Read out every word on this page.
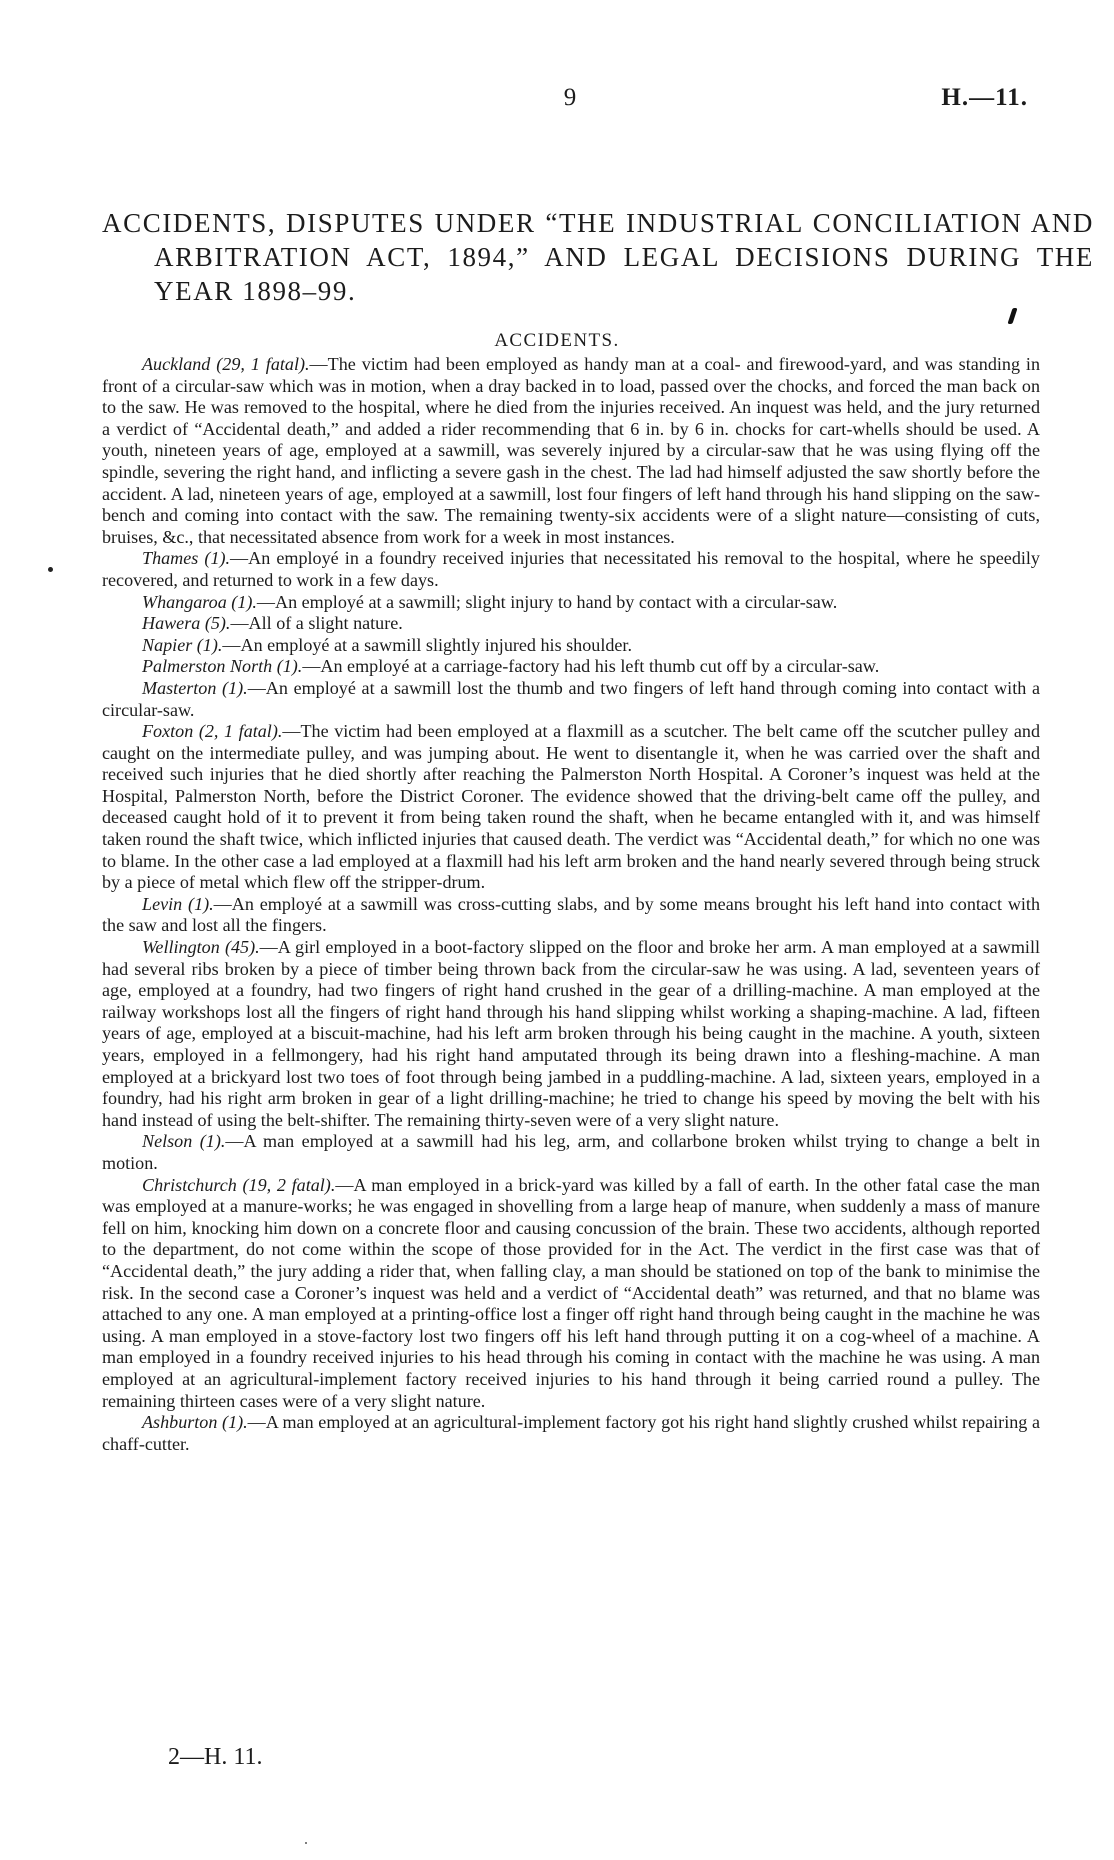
9	H.—11.

ACCIDENTS, DISPUTES UNDER “THE INDUSTRIAL CONCILIATION AND ARBITRATION ACT, 1894,” AND LEGAL DECISIONS DURING THE YEAR 1898–99.
ACCIDENTS.

Auckland (29, 1 fatal).—The victim had been employed as handy man at a coal- and firewood-yard, and was standing in front of a circular-saw which was in motion, when a dray backed in to load, passed over the chocks, and forced the man back on to the saw. He was removed to the hospital, where he died from the injuries received. An inquest was held, and the jury returned a verdict of “Accidental death,” and added a rider recommending that 6 in. by 6 in. chocks for cart-whells should be used. A youth, nineteen years of age, employed at a sawmill, was severely injured by a circular-saw that he was using flying off the spindle, severing the right hand, and inflicting a severe gash in the chest. The lad had himself adjusted the saw shortly before the accident. A lad, nineteen years of age, employed at a sawmill, lost four fingers of left hand through his hand slipping on the saw-bench and coming into contact with the saw. The remaining twenty-six accidents were of a slight nature—consisting of cuts, bruises, &c., that necessitated absence from work for a week in most instances.

Thames (1).—An employé in a foundry received injuries that necessitated his removal to the hospital, where he speedily recovered, and returned to work in a few days.

Whangaroa (1).—An employé at a sawmill; slight injury to hand by contact with a circular-saw.

Hawera (5).—All of a slight nature.

Napier (1).—An employé at a sawmill slightly injured his shoulder.

Palmerston North (1).—An employé at a carriage-factory had his left thumb cut off by a circular-saw.

Masterton (1).—An employé at a sawmill lost the thumb and two fingers of left hand through coming into contact with a circular-saw.

Foxton (2, 1 fatal).—The victim had been employed at a flaxmill as a scutcher. The belt came off the scutcher pulley and caught on the intermediate pulley, and was jumping about. He went to disentangle it, when he was carried over the shaft and received such injuries that he died shortly after reaching the Palmerston North Hospital. A Coroner’s inquest was held at the Hospital, Palmerston North, before the District Coroner. The evidence showed that the driving-belt came off the pulley, and deceased caught hold of it to prevent it from being taken round the shaft, when he became entangled with it, and was himself taken round the shaft twice, which inflicted injuries that caused death. The verdict was “Accidental death,” for which no one was to blame. In the other case a lad employed at a flaxmill had his left arm broken and the hand nearly severed through being struck by a piece of metal which flew off the stripper-drum.

Levin (1).—An employé at a sawmill was cross-cutting slabs, and by some means brought his left hand into contact with the saw and lost all the fingers.

Wellington (45).—A girl employed in a boot-factory slipped on the floor and broke her arm. A man employed at a sawmill had several ribs broken by a piece of timber being thrown back from the circular-saw he was using. A lad, seventeen years of age, employed at a foundry, had two fingers of right hand crushed in the gear of a drilling-machine. A man employed at the railway workshops lost all the fingers of right hand through his hand slipping whilst working a shaping-machine. A lad, fifteen years of age, employed at a biscuit-machine, had his left arm broken through his being caught in the machine. A youth, sixteen years, employed in a fellmongery, had his right hand amputated through its being drawn into a fleshing-machine. A man employed at a brickyard lost two toes of foot through being jambed in a puddling-machine. A lad, sixteen years, employed in a foundry, had his right arm broken in gear of a light drilling-machine; he tried to change his speed by moving the belt with his hand instead of using the belt-shifter. The remaining thirty-seven were of a very slight nature.

Nelson (1).—A man employed at a sawmill had his leg, arm, and collarbone broken whilst trying to change a belt in motion.

Christchurch (19, 2 fatal).—A man employed in a brick-yard was killed by a fall of earth. In the other fatal case the man was employed at a manure-works; he was engaged in shovelling from a large heap of manure, when suddenly a mass of manure fell on him, knocking him down on a concrete floor and causing concussion of the brain. These two accidents, although reported to the department, do not come within the scope of those provided for in the Act. The verdict in the first case was that of “Accidental death,” the jury adding a rider that, when falling clay, a man should be stationed on top of the bank to minimise the risk. In the second case a Coroner’s inquest was held and a verdict of “Accidental death” was returned, and that no blame was attached to any one. A man employed at a printing-office lost a finger off right hand through being caught in the machine he was using. A man employed in a stove-factory lost two fingers off his left hand through putting it on a cog-wheel of a machine. A man employed in a foundry received injuries to his head through his coming in contact with the machine he was using. A man employed at an agricultural-implement factory received injuries to his hand through it being carried round a pulley. The remaining thirteen cases were of a very slight nature.

Ashburton (1).—A man employed at an agricultural-implement factory got his right hand slightly crushed whilst repairing a chaff-cutter.

2—H. 11.
